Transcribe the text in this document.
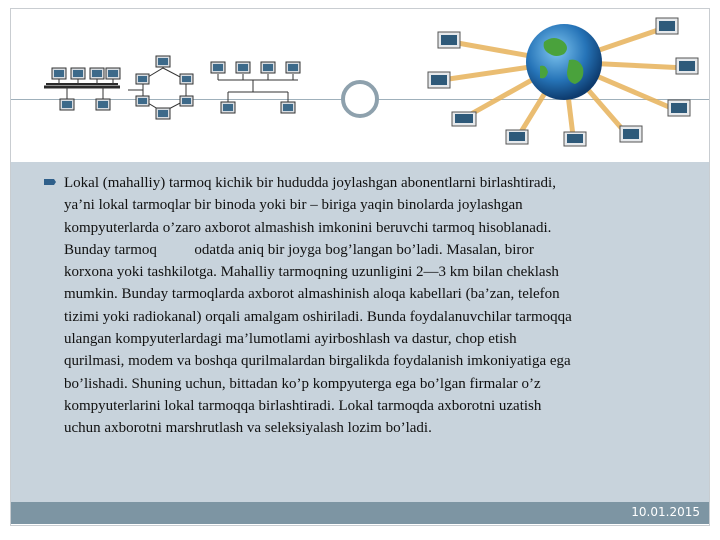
Lokal (mahalliy) tarmoq kichik bir hududda joylashgan abonentlarni birlashtiradi,
ya’ni lokal tarmoqlar bir binoda yoki bir – biriga yaqin binolarda joylashgan
kompyuterlarda o’zaro axborot almashish imkonini beruvchi tarmoq hisoblanadi.
Bunday tarmoq          odatda aniq bir joyga bog’langan bo’ladi. Masalan, biror
korxona yoki tashkilotga. Mahalliy tarmoqning uzunligini 2—3 km bilan cheklash
mumkin. Bunday tarmoqlarda axborot almashinish aloqa kabellari (ba’zan, telefon
tizimi yoki radiokanal) orqali amalgam oshiriladi. Bunda foydalanuvchilar tarmoqqa
ulangan kompyuterlardagi ma’lumotlami ayirboshlash va dastur, chop etish
qurilmasi, modem va boshqa qurilmalardan birgalikda foydalanish imkoniyatiga ega
bo’lishadi. Shuning uchun, bittadan ko’p kompyuterga ega bo’lgan firmalar o’z
kompyuterlarini lokal tarmoqqa birlashtiradi. Lokal tarmoqda axborotni uzatish
uchun axborotni marshrutlash va seleksiyalash lozim bo’ladi.
10.01.2015
